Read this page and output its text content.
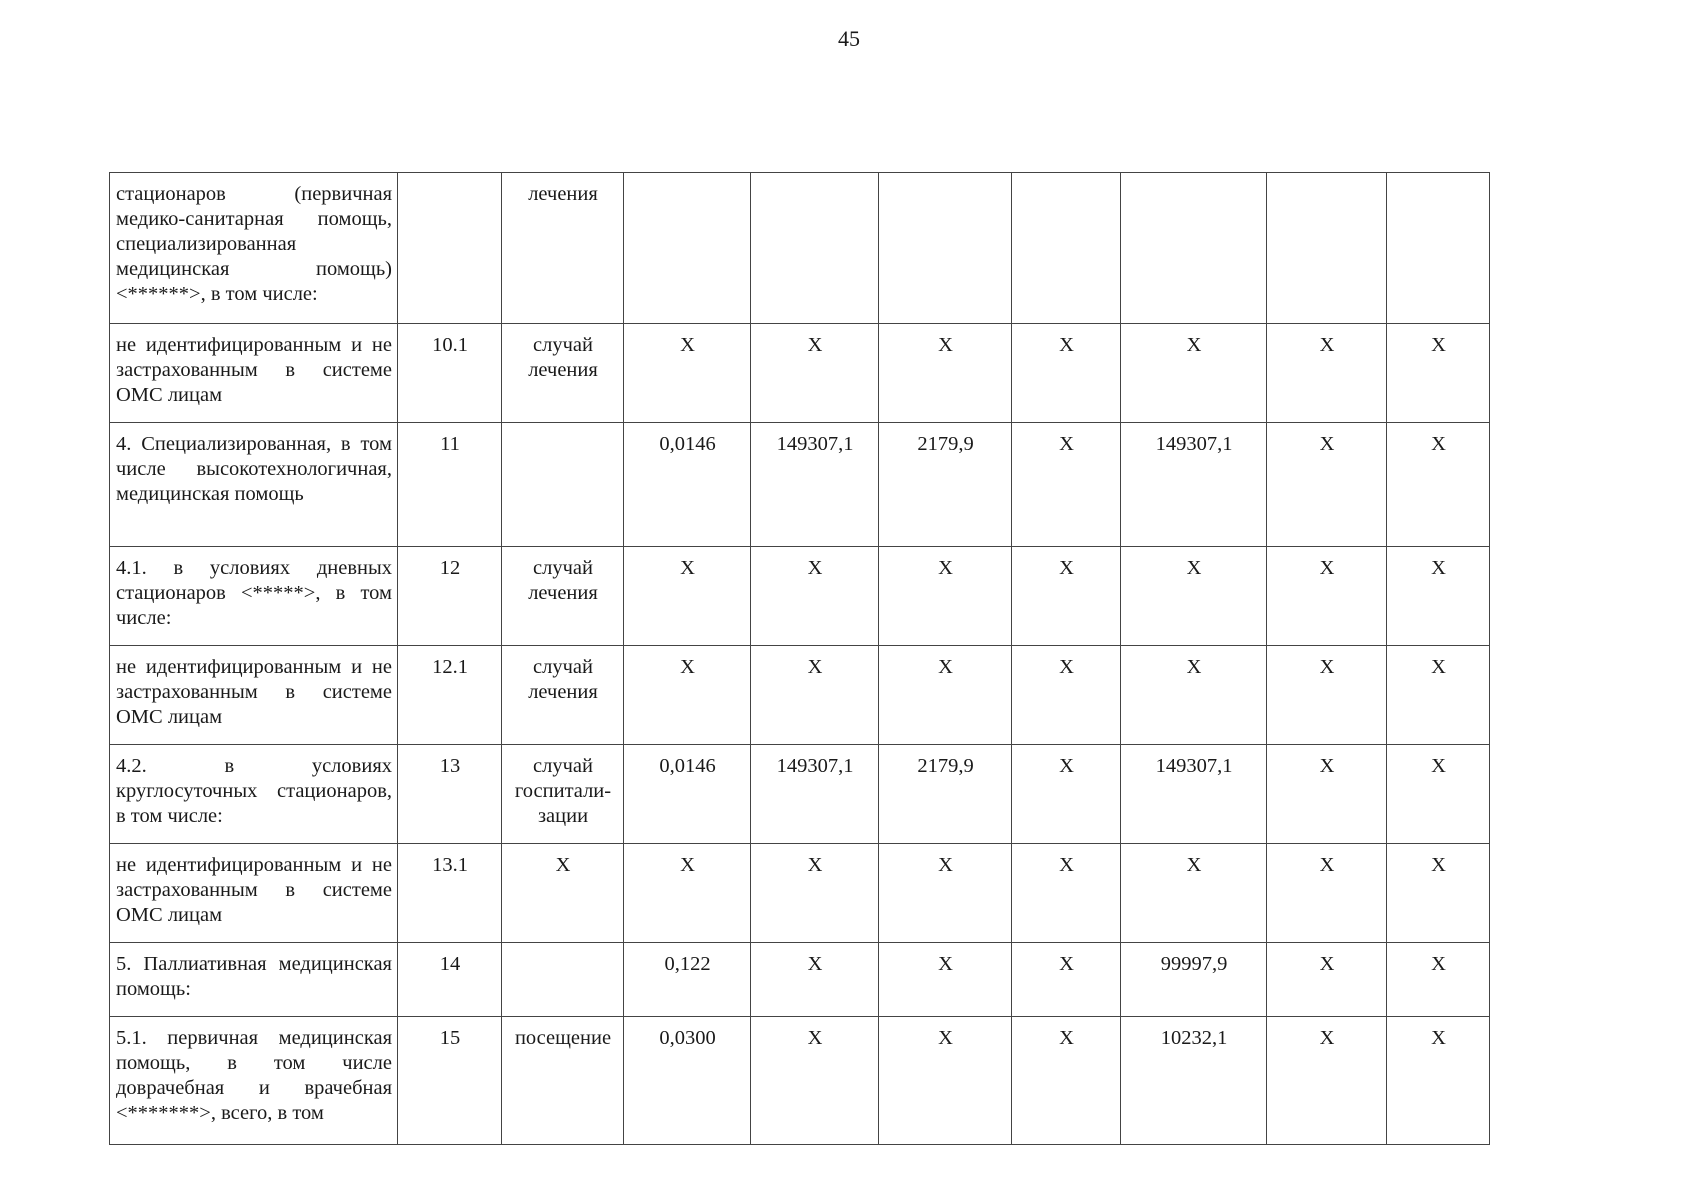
45
стационаров (первичная медико-санитарная помощь, специализированная медицинская помощь) <******>, в том числе:		лечения							
не идентифицированным и не застрахованным в системе ОМС лицам	10.1	случай лечения	X	X	X	X	X	X	X
4. Специализированная, в том числе высокотехнологичная, медицинская помощь	11		0,0146	149307,1	2179,9	X	149307,1	X	X
4.1. в условиях дневных стационаров <*****>, в том числе:	12	случай лечения	X	X	X	X	X	X	X
не идентифицированным и не застрахованным в системе ОМС лицам	12.1	случай лечения	X	X	X	X	X	X	X
4.2. в условиях круглосуточных стационаров, в том числе:	13	случай госпитали-зации	0,0146	149307,1	2179,9	X	149307,1	X	X
не идентифицированным и не застрахованным в системе ОМС лицам	13.1	X	X	X	X	X	X	X	X
5. Паллиативная медицинская помощь:	14		0,122	X	X	X	99997,9	X	X

5.1. первичная медицинская помощь, в том числе доврачебная и врачебная <*******>, всего, в том	15	посещение	0,0300	X	X	X	10232,1	X	X
